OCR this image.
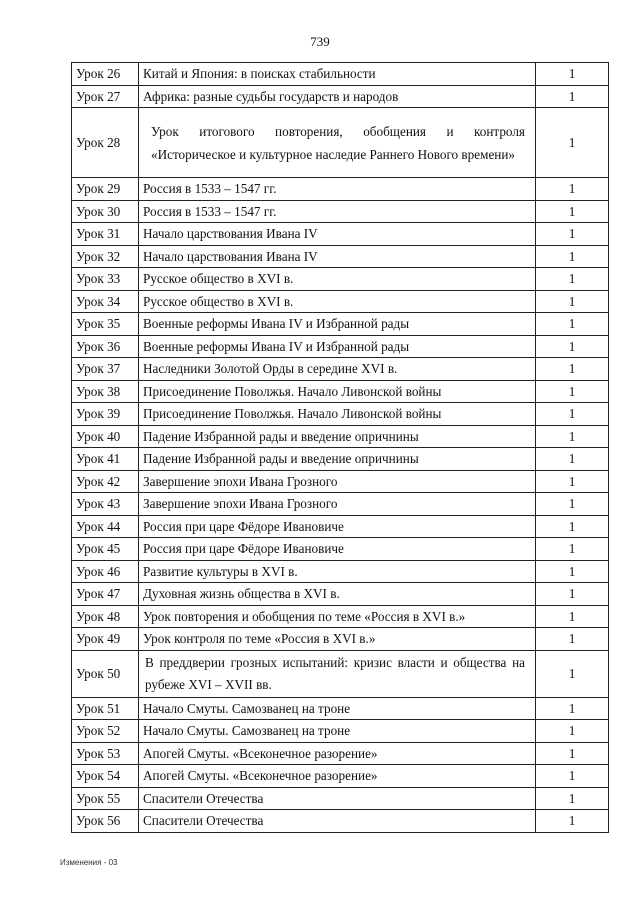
739
Урок 26	Китай и Япония: в поисках стабильности	1
Урок 27	Африка: разные судьбы государств и народов	1
Урок 28	Урок итогового повторения, обобщения и контроля «Историческое и культурное наследие Раннего Нового времени»	1
Урок 29	Россия в 1533 – 1547 гг.	1
Урок 30	Россия в 1533 – 1547 гг.	1
Урок 31	Начало царствования Ивана IV	1
Урок 32	Начало царствования Ивана IV	1
Урок 33	Русское общество в XVI в.	1
Урок 34	Русское общество в XVI в.	1
Урок 35	Военные реформы Ивана IV и Избранной рады	1
Урок 36	Военные реформы Ивана IV и Избранной рады	1
Урок 37	Наследники Золотой Орды в середине XVI в.	1
Урок 38	Присоединение Поволжья. Начало Ливонской войны	1
Урок 39	Присоединение Поволжья. Начало Ливонской войны	1
Урок 40	Падение Избранной рады и введение опричнины	1
Урок 41	Падение Избранной рады и введение опричнины	1
Урок 42	Завершение эпохи Ивана Грозного	1
Урок 43	Завершение эпохи Ивана Грозного	1
Урок 44	Россия при царе Фёдоре Ивановиче	1
Урок 45	Россия при царе Фёдоре Ивановиче	1
Урок 46	Развитие культуры в XVI в.	1
Урок 47	Духовная жизнь общества в XVI в.	1
Урок 48	Урок повторения и обобщения по теме «Россия в XVI в.»	1
Урок 49	Урок контроля по теме «Россия в XVI в.»	1
Урок 50	В преддверии грозных испытаний: кризис власти и общества на рубеже XVI – XVII вв.	1
Урок 51	Начало Смуты. Самозванец на троне	1
Урок 52	Начало Смуты. Самозванец на троне	1
Урок 53	Апогей Смуты. «Всеконечное разорение»	1
Урок 54	Апогей Смуты. «Всеконечное разорение»	1
Урок 55	Спасители Отечества	1
Урок 56	Спасители Отечества	1
Изменения - 03
